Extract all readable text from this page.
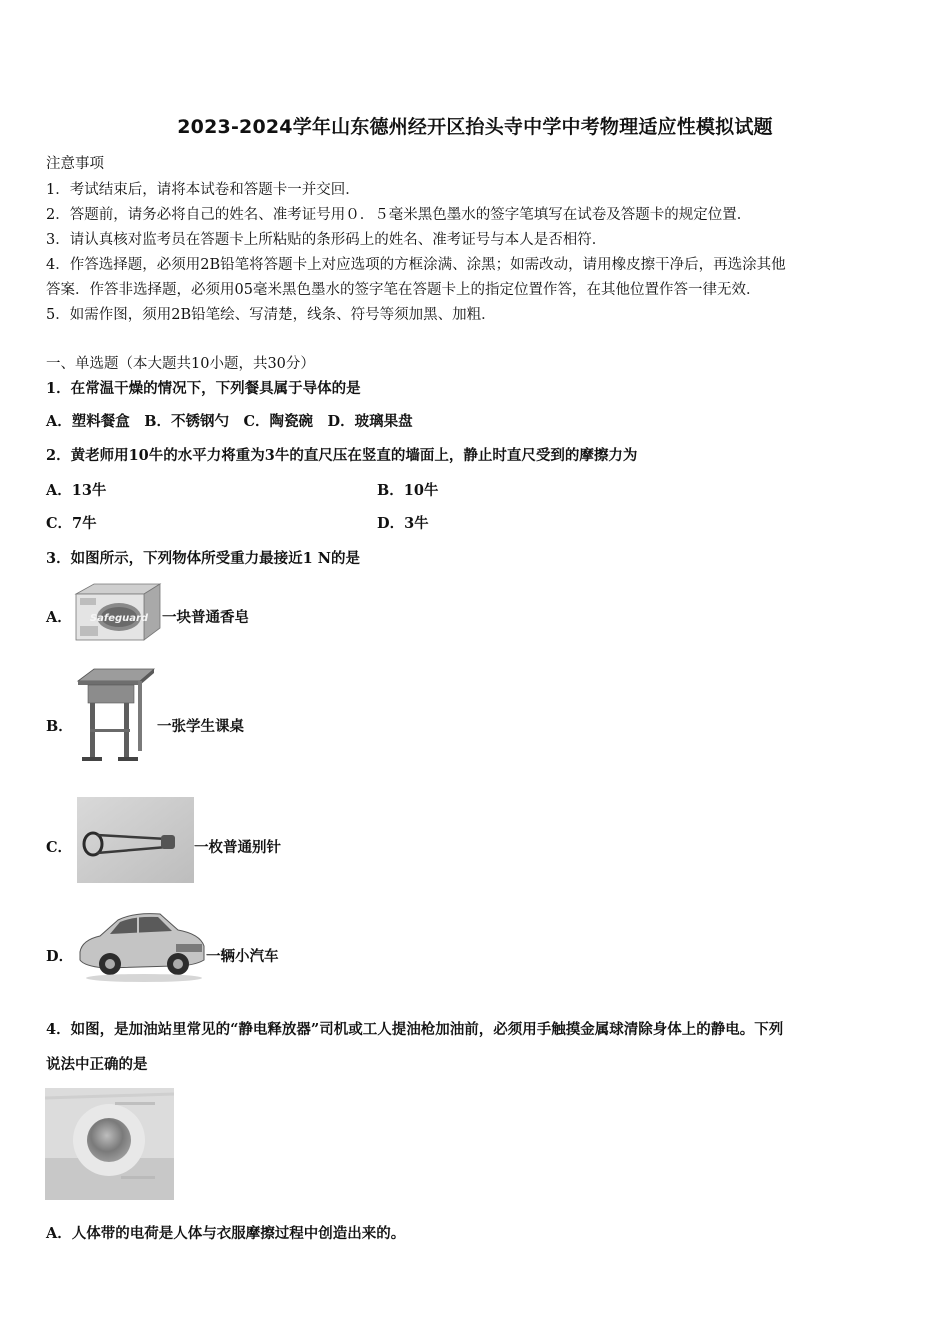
2023-2024学年山东德州经开区抬头寺中学中考物理适应性模拟试题
注意事项
1．考试结束后，请将本试卷和答题卡一并交回．
2．答题前，请务必将自己的姓名、准考证号用０．５毫米黑色墨水的签字笔填写在试卷及答题卡的规定位置．
3．请认真核对监考员在答题卡上所粘贴的条形码上的姓名、准考证号与本人是否相符．
4．作答选择题，必须用2B铅笔将答题卡上对应选项的方框涂满、涂黑；如需改动，请用橡皮擦干净后，再选涂其他
答案．作答非选择题，必须用05毫米黑色墨水的签字笔在答题卡上的指定位置作答，在其他位置作答一律无效．
5．如需作图，须用2B铅笔绘、写清楚，线条、符号等须加黑、加粗．
一、单选题（本大题共10小题，共30分）
1．在常温干燥的情况下，下列餐具属于导体的是
A．塑料餐盒　B．不锈钢勺　C．陶瓷碗　D．玻璃果盘
2．黄老师用10牛的水平力将重为3牛的直尺压在竖直的墙面上，静止时直尺受到的摩擦力为
A．13牛	B．10牛
C．7牛	D．3牛
3．如图所示，下列物体所受重力最接近1 N的是
A． Safeguard 一块普通香皂
B．	一张学生课桌
C．	一枚普通别针
D．	一辆小汽车
4．如图，是加油站里常见的“静电释放器”司机或工人提油枪加油前，必须用手触摸金属球清除身体上的静电。下列
说法中正确的是
A．人体带的电荷是人体与衣服摩擦过程中创造出来的。
